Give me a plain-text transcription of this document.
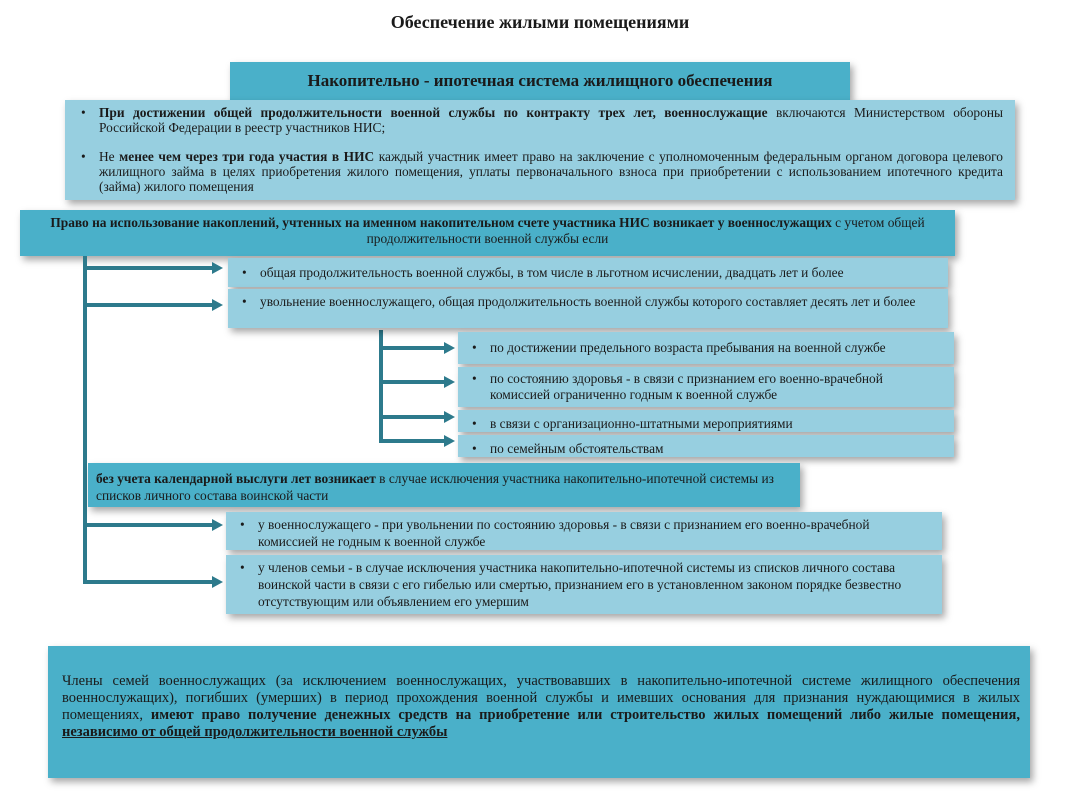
Обеспечение жилыми помещениями
Накопительно - ипотечная система жилищного обеспечения
• При достижении общей продолжительности военной службы по контракту трех лет, военнослужащие включаются Министерством обороны Российской Федерации в реестр участников НИС;
• Не менее чем через три года участия в НИС каждый участник имеет право на заключение с уполномоченным федеральным органом договора целевого жилищного займа в целях приобретения жилого помещения, уплаты первоначального взноса при приобретении с использованием ипотечного кредита (займа) жилого помещения
Право на использование накоплений, учтенных на именном накопительном счете участника НИС возникает у военнослужащих с учетом общей продолжительности военной службы если
• общая продолжительность военной службы, в том числе в льготном исчислении, двадцать лет и более
• увольнение военнослужащего, общая продолжительность военной службы которого составляет десять лет и более
• по достижении предельного возраста пребывания на военной службе
• по состоянию здоровья - в связи с признанием его военно-врачебной комиссией ограниченно годным к военной службе
• в связи с организационно-штатными мероприятиями
• по семейным обстоятельствам
без учета календарной выслуги лет возникает в случае исключения участника накопительно-ипотечной системы из списков личного состава воинской части
• у военнослужащего - при увольнении по состоянию здоровья - в связи с признанием его военно-врачебной комиссией не годным к военной службе
• у членов семьи - в случае исключения участника накопительно-ипотечной системы из списков личного состава воинской части в связи с его гибелью или смертью, признанием его в установленном законом порядке безвестно отсутствующим или объявлением его умершим
Члены семей военнослужащих (за исключением военнослужащих, участвовавших в накопительно-ипотечной системе жилищного обеспечения военнослужащих), погибших (умерших) в период прохождения военной службы и имевших основания для признания нуждающимися в жилых помещениях, имеют право получение денежных средств на приобретение или строительство жилых помещений либо жилые помещения, независимо от общей продолжительности военной службы
